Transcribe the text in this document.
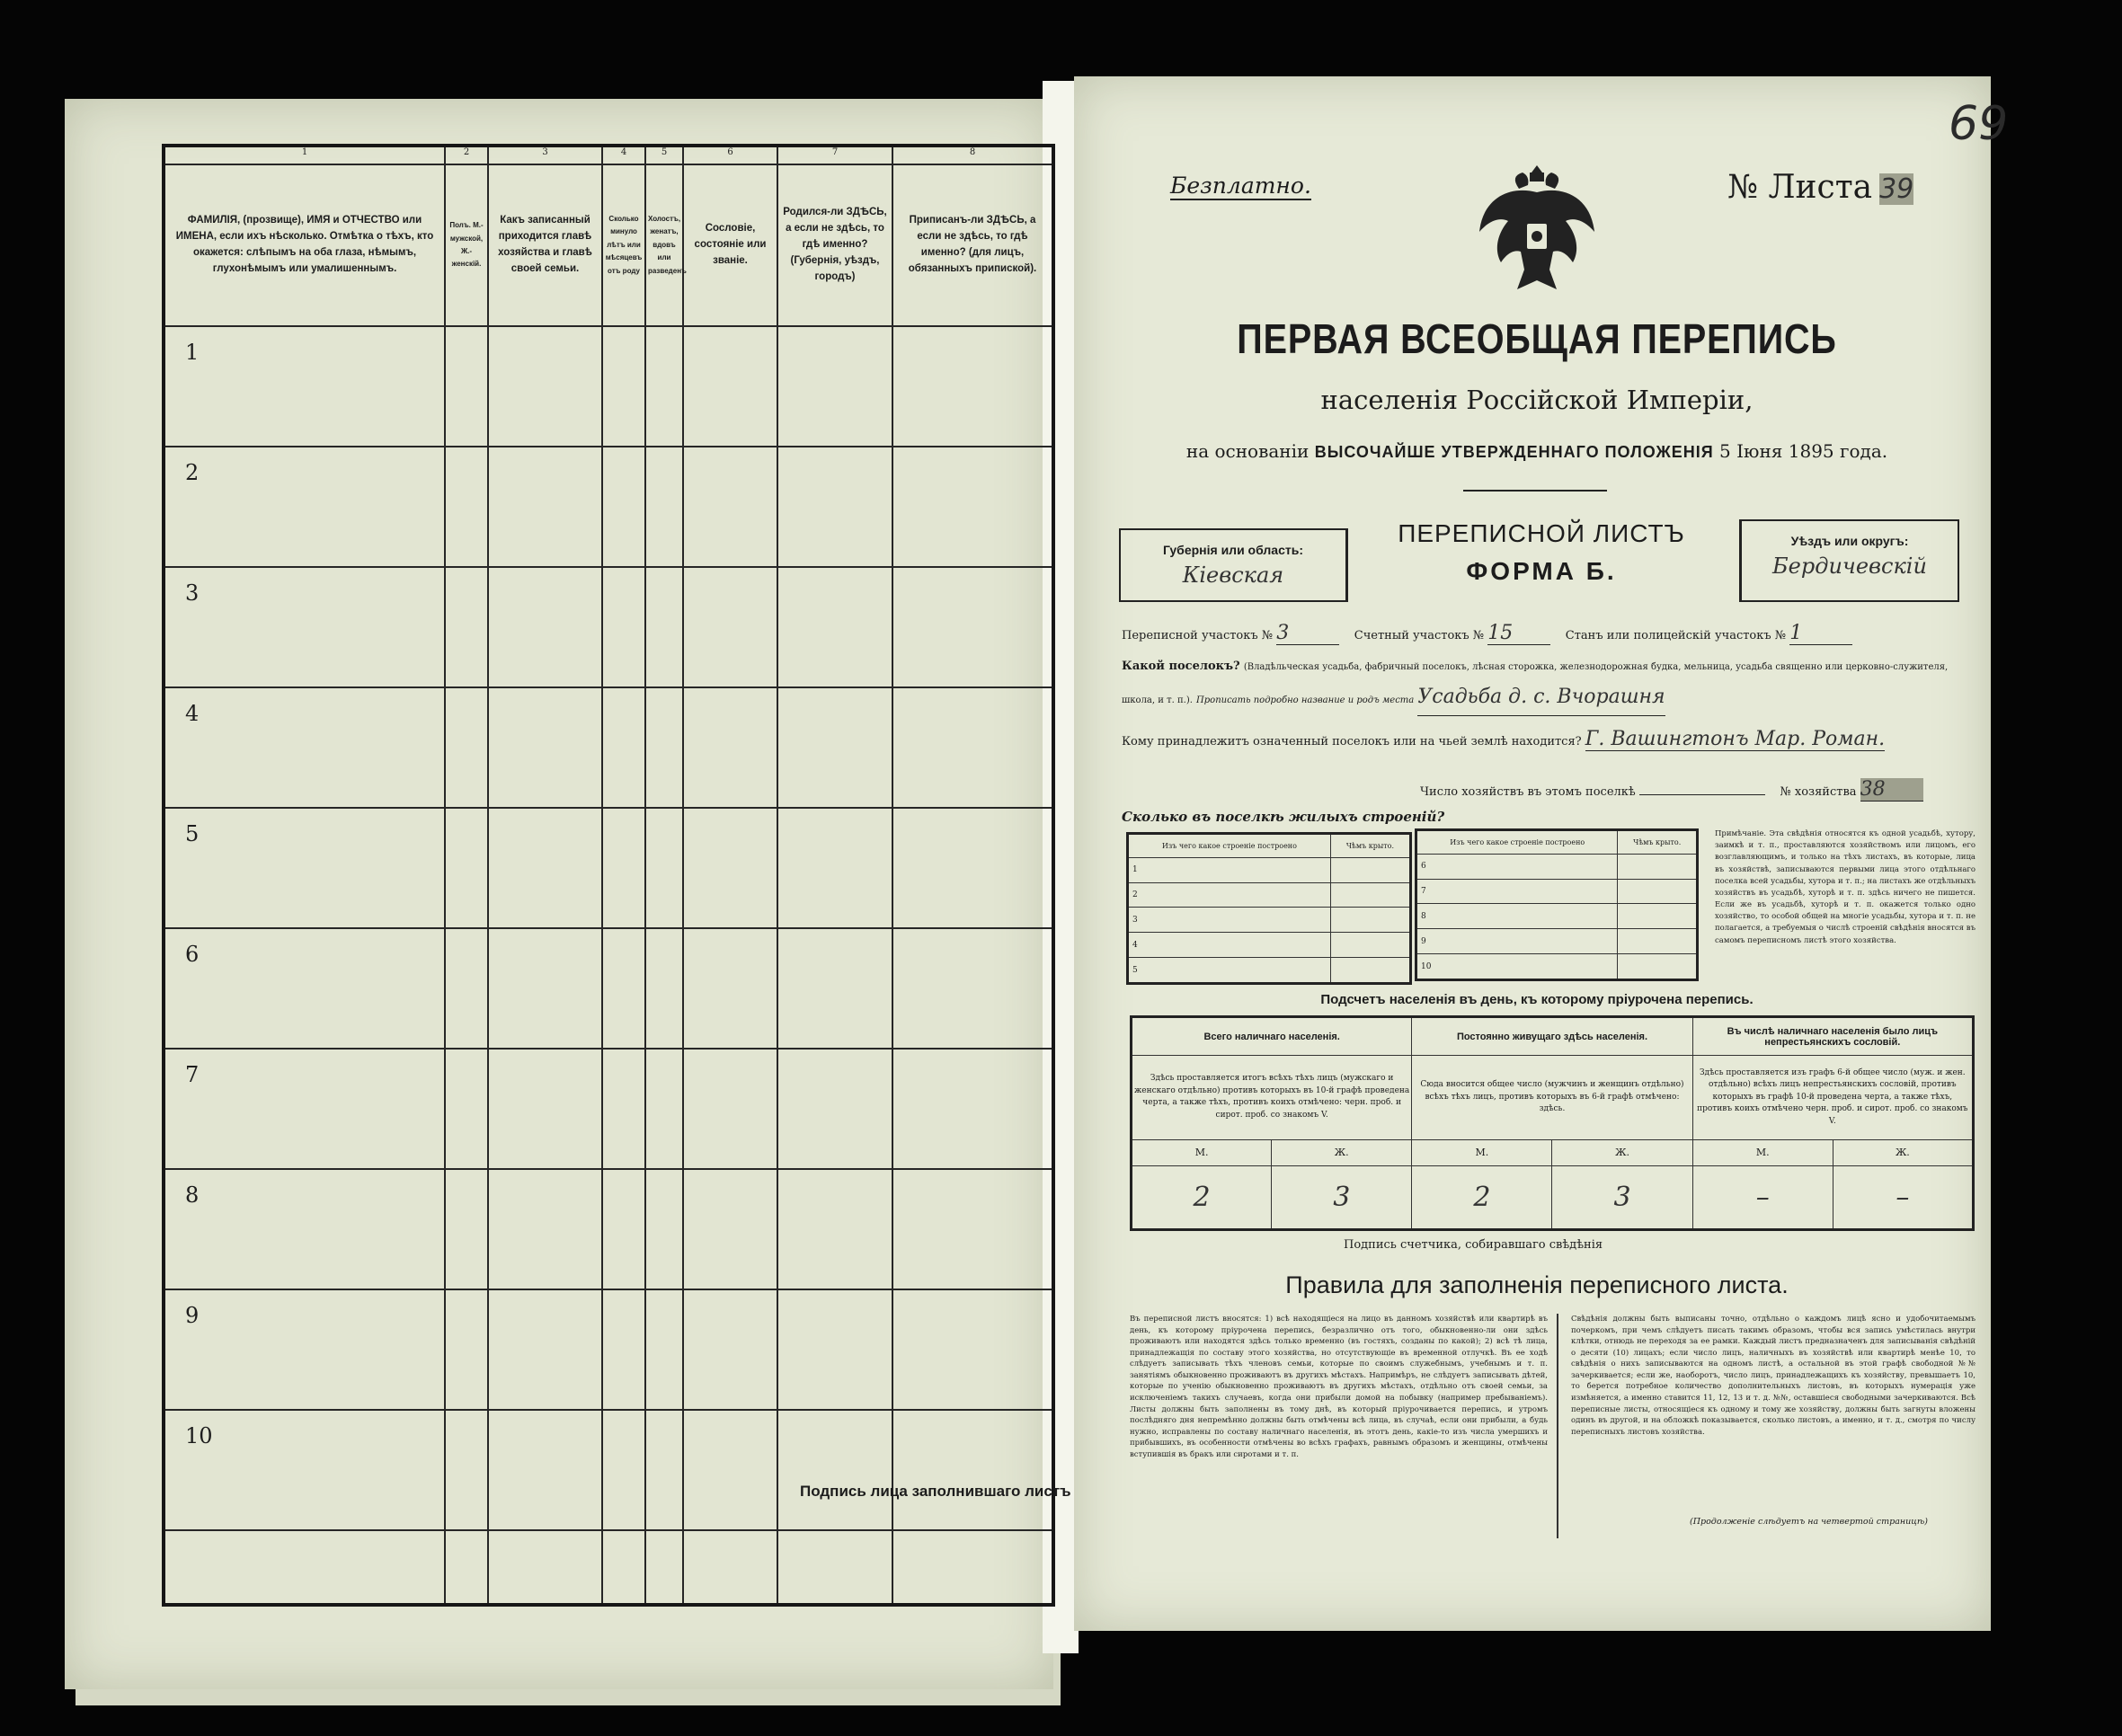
69
1	2	3	4	5	6	7	8
ФАМИЛІЯ, (прозвище), ИМЯ и ОТЧЕСТВО или ИМЕНА, если ихъ нѣсколько. Отмѣтка о тѣхъ, кто окажется: слѣпымъ на оба глаза, нѣмымъ, глухонѣмымъ или умалишеннымъ.	Полъ. М.-мужской, Ж.-женскій.	Какъ записанный приходится главѣ хозяйства и главѣ своей семьи.	Сколько минуло лѣтъ или мѣсяцевъ отъ роду	Холостъ, женатъ, вдовъ или разведенъ	Сословіе, состояніе или званіе.	Родился-ли ЗДѢСЬ, а если не здѣсь, то гдѣ именно? (Губернія, уѣздъ, городъ)	Приписанъ-ли ЗДѢСЬ, а если не здѣсь, то гдѣ именно? (для лицъ, обязанныхъ припиской).
1							
2							
3							
4							
5							
6							
7							
8							
9							
10							

Подпись лица заполнившаго листъ
Безплатно.	№ Листа 39
ПЕРВАЯ ВСЕОБЩАЯ ПЕРЕПИСЬ
населенія Россійской Имперіи,
на основаніи ВЫСОЧАЙШЕ УТВЕРЖДЕННАГО ПОЛОЖЕНІЯ 5 Іюня 1895 года.
Губернія или область:
Кіевская
ПЕРЕПИСНОЙ ЛИСТЪ
ФОРМА Б.
Уѣздъ или округъ:
Бердичевскій
Переписной участокъ № 3	Счетный участокъ № 15	Станъ или полицейскій участокъ № 1
Какой поселокъ? (Владѣльческая усадьба, фабричный поселокъ, лѣсная сторожка, железнодорожная будка, мельница, усадьба священно или церковно-служителя, школа, и т. п.). Прописать подробно название и родъ места Усадьба д. с. Вчорашня
Кому принадлежитъ означенный поселокъ или на чьей землѣ находится? Г. Вашингтонъ Мар. Роман.
Число хозяйствъ въ этомъ поселкѣ	№ хозяйства 38
Сколько въ поселкѣ жилыхъ строеній?
Изъ чего какое строеніе построено	Чѣмъ крыто.
1	
2	
3	
4	
5	
Изъ чего какое строеніе построено	Чѣмъ крыто.
6	
7	
8	
9	
10	
Примѣчаніе. Эта свѣдѣнія относятся къ одной усадьбѣ, хутору, заимкѣ и т. п., проставляются хозяйствомъ или лицомъ, его возглавляющимъ, и только на тѣхъ листахъ, въ которые, лица въ хозяйствѣ, записываются первыми лица этого отдѣльнаго поселка всей усадьбы, хутора и т. п.; на листахъ же отдѣльныхъ хозяйствъ въ усадьбѣ, хуторѣ и т. п. здѣсь ничего не пишется. Если же въ усадьбѣ, хуторѣ и т. п. окажется только одно хозяйство, то особой общей на многіе усадьбы, хутора и т. п. не полагается, а требуемыя о числѣ строеній свѣдѣнія вносятся въ самомъ переписномъ листѣ этого хозяйства.
Подсчетъ населенія въ день, къ которому пріурочена перепись.
Всего наличнаго населенія.		Постоянно живущаго здѣсь населенія.		Въ числѣ наличнаго населенія было лицъ непрестьянскихъ сословій.	
Здѣсь проставляется итогъ всѣхъ тѣхъ лицъ (мужскаго и женскаго отдѣльно) противъ которыхъ въ 10-й графѣ проведена черта, а также тѣхъ, противъ коихъ отмѣчено: черн. проб. и сирот. проб. со знакомъ V.		Сюда вносится общее число (мужчинъ и женщинъ отдѣльно) всѣхъ тѣхъ лицъ, противъ которыхъ въ 6-й графѣ отмѣчено: здѣсь.		Здѣсь проставляется изъ графъ 6-й общее число (муж. и жен. отдѣльно) всѣхъ лицъ непрестьянскихъ сословій, противъ которыхъ въ графѣ 10-й проведена черта, а также тѣхъ, противъ коихъ отмѣчено черн. проб. и сирот. проб. со знакомъ V.	
М.	Ж.	М.	Ж.	М.	Ж.
2	3	2	3	–	–
Подпись счетчика, собиравшаго свѣдѣнія
Правила для заполненія переписного листа.
Въ переписной листъ вносятся: 1) всѣ находящіеся на лицо въ данномъ хозяйствѣ или квартирѣ въ день, къ которому пріурочена перепись, безразлично отъ того, обыкновенно-ли они здѣсь проживаютъ или находятся здѣсь только временно (въ гостяхъ, созданы по какой); 2) всѣ тѣ лица, принадлежащія по составу этого хозяйства, но отсутствующіе въ временной отлучкѣ. Въ ее ходѣ слѣдуетъ записывать тѣхъ членовъ семьи, которые по своимъ служебнымъ, учебнымъ и т. п. занятіямъ обыкновенно проживаютъ въ другихъ мѣстахъ. Напримѣръ, не слѣдуетъ записывать дѣтей, которые по ученію обыкновенно проживаютъ въ другихъ мѣстахъ, отдѣльно отъ своей семьи, за исключеніемъ такихъ случаевъ, когда они прибыли домой на побывку (например пребываніемъ). Листы должны быть заполнены въ тому днѣ, въ который пріурочивается перепись, и утромъ послѣдняго дня непремѣнно должны быть отмѣчены всѣ лица, въ случаѣ, если они прибыли, а будь нужно, исправлены по составу наличнаго населенія, въ этотъ день, какіе-то изъ числа умершихъ и прибывшихъ, въ особенности отмѣчены во всѣхъ графахъ, равнымъ образомъ и женщины, отмѣчены вступившія въ бракъ или сиротами и т. п.
Свѣдѣнія должны быть выписаны точно, отдѣльно о каждомъ лицѣ ясно и удобочитаемымъ почеркомъ, при чемъ слѣдуетъ писать такимъ образомъ, чтобы вся запись умѣстилась внутри клѣтки, отнюдь не переходя за ее рамки. Каждый листъ предназначенъ для записыванія свѣдѣній о десяти (10) лицахъ; если число лицъ, наличныхъ въ хозяйствѣ или квартирѣ менѣе 10, то свѣдѣнія о нихъ записываются на одномъ листѣ, а остальной въ этой графѣ свободной №№ зачеркивается; если же, наоборотъ, число лицъ, принадлежащихъ къ хозяйству, превышаетъ 10, то берется потребное количество дополнительныхъ листовъ, въ которыхъ нумерація уже измѣняется, а именно ставится 11, 12, 13 и т. д. №№, оставшіеся свободными зачеркиваются. Всѣ переписные листы, относящіеся къ одному и тому же хозяйству, должны быть загнуты вложены одинъ въ другой, и на обложкѣ показывается, сколько листовъ, а именно, и т. д., смотря по числу переписныхъ листовъ хозяйства.
(Продолженіе слѣдуетъ на четвертой страницѣ)
